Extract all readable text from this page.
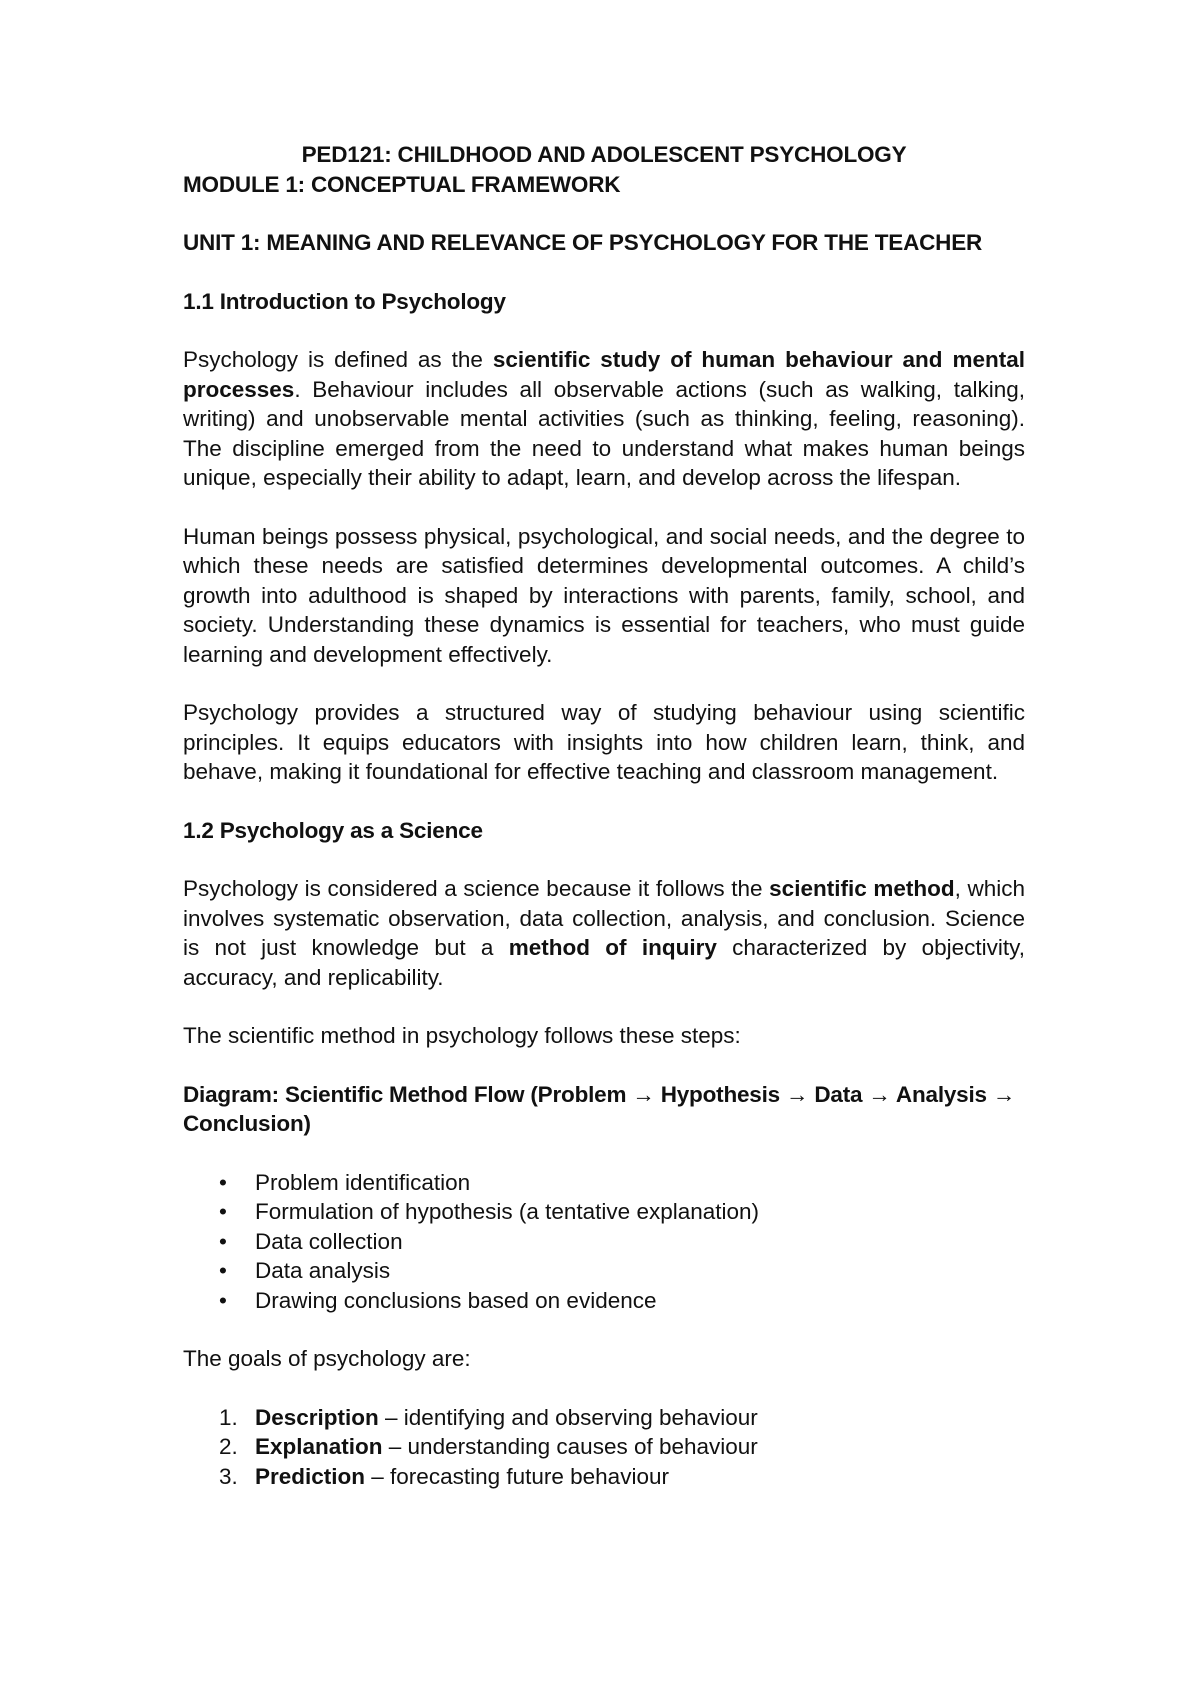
PED121: CHILDHOOD AND ADOLESCENT PSYCHOLOGY

MODULE 1: CONCEPTUAL FRAMEWORK

UNIT 1: MEANING AND RELEVANCE OF PSYCHOLOGY FOR THE TEACHER

1.1 Introduction to Psychology

Psychology is defined as the scientific study of human behaviour and mental processes. Behaviour includes all observable actions (such as walking, talking, writing) and unobservable mental activities (such as thinking, feeling, reasoning). The discipline emerged from the need to understand what makes human beings unique, especially their ability to adapt, learn, and develop across the lifespan.

Human beings possess physical, psychological, and social needs, and the degree to which these needs are satisfied determines developmental outcomes. A child’s growth into adulthood is shaped by interactions with parents, family, school, and society. Understanding these dynamics is essential for teachers, who must guide learning and development effectively.

Psychology provides a structured way of studying behaviour using scientific principles. It equips educators with insights into how children learn, think, and behave, making it foundational for effective teaching and classroom management.

1.2 Psychology as a Science

Psychology is considered a science because it follows the scientific method, which involves systematic observation, data collection, analysis, and conclusion. Science is not just knowledge but a method of inquiry characterized by objectivity, accuracy, and replicability.

The scientific method in psychology follows these steps:

Diagram: Scientific Method Flow (Problem → Hypothesis → Data → Analysis → Conclusion)

• Problem identification
• Formulation of hypothesis (a tentative explanation)
• Data collection
• Data analysis
• Drawing conclusions based on evidence

The goals of psychology are:

1. Description – identifying and observing behaviour
2. Explanation – understanding causes of behaviour
3. Prediction – forecasting future behaviour
